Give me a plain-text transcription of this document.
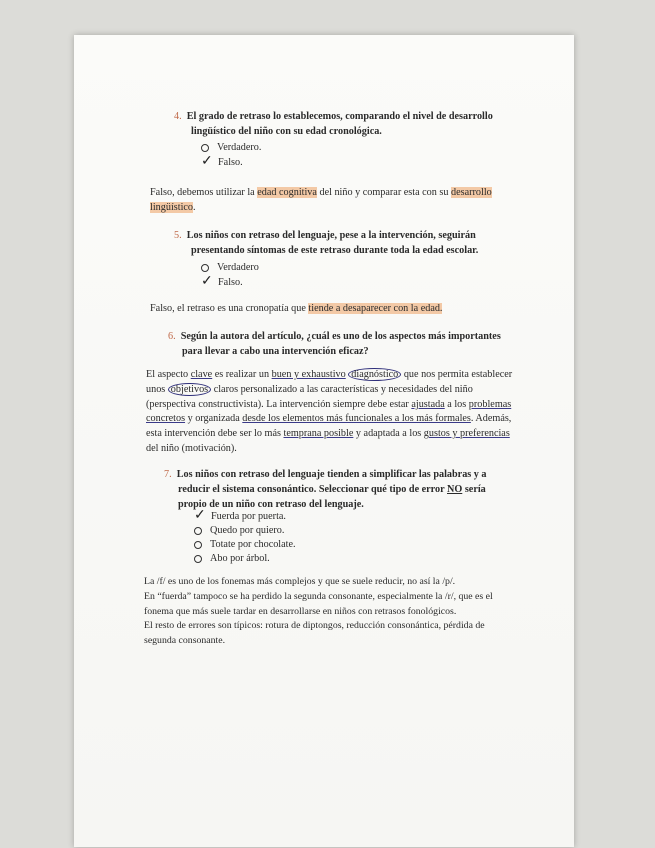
4. El grado de retraso lo establecemos, comparando el nivel de desarrollo
lingüístico del niño con su edad cronológica.
Verdadero.
✓ Falso.
Falso, debemos utilizar la edad cognitiva del niño y comparar esta con su desarrollo
lingüístico.
5. Los niños con retraso del lenguaje, pese a la intervención, seguirán
presentando síntomas de este retraso durante toda la edad escolar.
Verdadero
✓ Falso.
Falso, el retraso es una cronopatía que tiende a desaparecer con la edad.
6. Según la autora del artículo, ¿cuál es uno de los aspectos más importantes
para llevar a cabo una intervención eficaz?
El aspecto clave es realizar un buen y exhaustivo diagnóstico que nos permita establecer
unos objetivos claros personalizado a las características y necesidades del niño
(perspectiva constructivista). La intervención siempre debe estar ajustada a los problemas
concretos y organizada desde los elementos más funcionales a los más formales. Además,
esta intervención debe ser lo más temprana posible y adaptada a los gustos y preferencias
del niño (motivación).
7. Los niños con retraso del lenguaje tienden a simplificar las palabras y a
reducir el sistema consonántico. Seleccionar qué tipo de error NO sería
propio de un niño con retraso del lenguaje.
✓ Fuerda por puerta.
Quedo por quiero.
Totate por chocolate.
Abo por árbol.
La /f/ es uno de los fonemas más complejos y que se suele reducir, no así la /p/.
En “fuerda” tampoco se ha perdido la segunda consonante, especialmente la /r/, que es el
fonema que más suele tardar en desarrollarse en niños con retrasos fonológicos.
El resto de errores son típicos: rotura de diptongos, reducción consonántica, pérdida de
segunda consonante.
